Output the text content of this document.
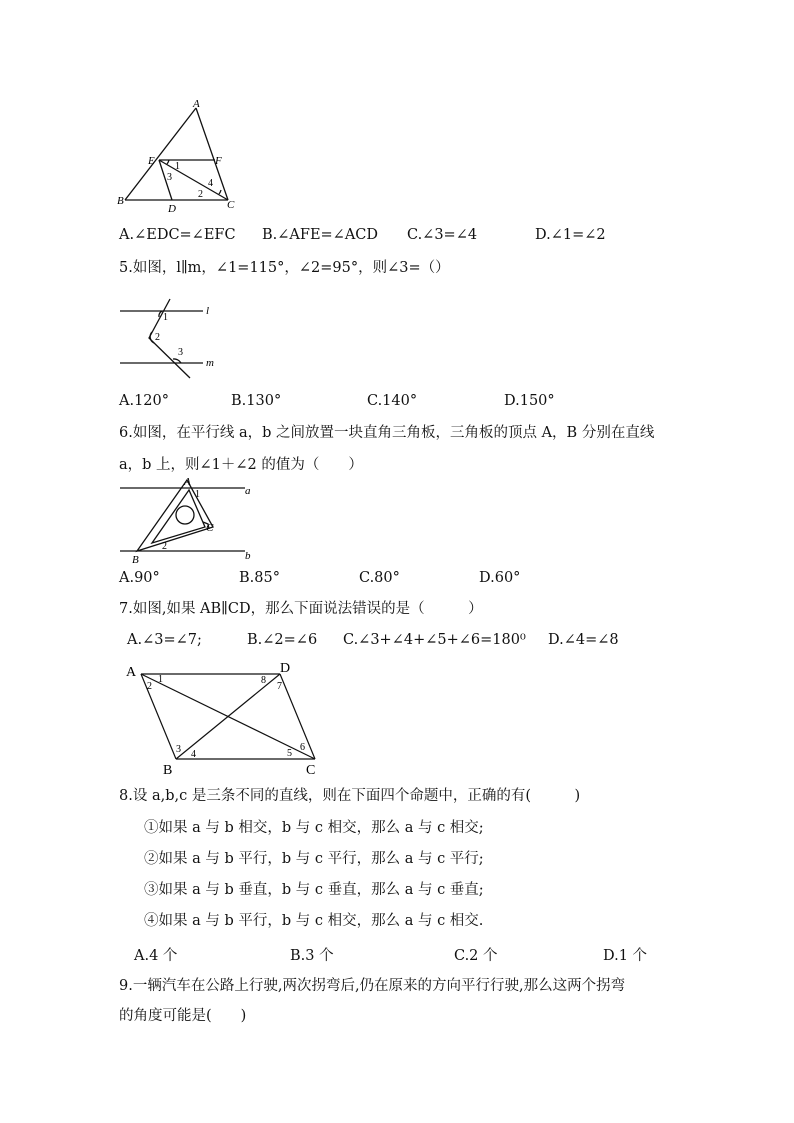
A
E	F
B
D	C
1
3
4
2
A.∠EDC=∠EFC B.∠AFE=∠ACD C.∠3=∠4	D.∠1=∠2
5.如图，l∥m，∠1=115°，∠2=95°，则∠3=（）
l
m
1
2
3
A.120°	B.130°	C.140°	D.150°
6.如图，在平行线 a，b 之间放置一块直角三角板，三角板的顶点 A，B 分别在直线
a，b 上，则∠1＋∠2 的值为（　　）
A
a
1
C
2
B	b
A.90°	B.85°	C.80°	D.60°
7.如图,如果 AB∥CD，那么下面说法错误的是（　　　）
A.∠3=∠7;	B.∠2=∠6 C.∠3+∠4+∠5+∠6=180⁰ D.∠4=∠8
A	D
B	C
1
2
8
7
3 4	5
6
8.设 a,b,c 是三条不同的直线，则在下面四个命题中，正确的有(　　　)
①如果 a 与 b 相交，b 与 c 相交，那么 a 与 c 相交;
②如果 a 与 b 平行，b 与 c 平行，那么 a 与 c 平行;
③如果 a 与 b 垂直，b 与 c 垂直，那么 a 与 c 垂直;
④如果 a 与 b 平行，b 与 c 相交，那么 a 与 c 相交.
A.4 个	B.3 个	C.2 个	D.1 个
9.一辆汽车在公路上行驶,两次拐弯后,仍在原来的方向平行行驶,那么这两个拐弯
的角度可能是(　　)
